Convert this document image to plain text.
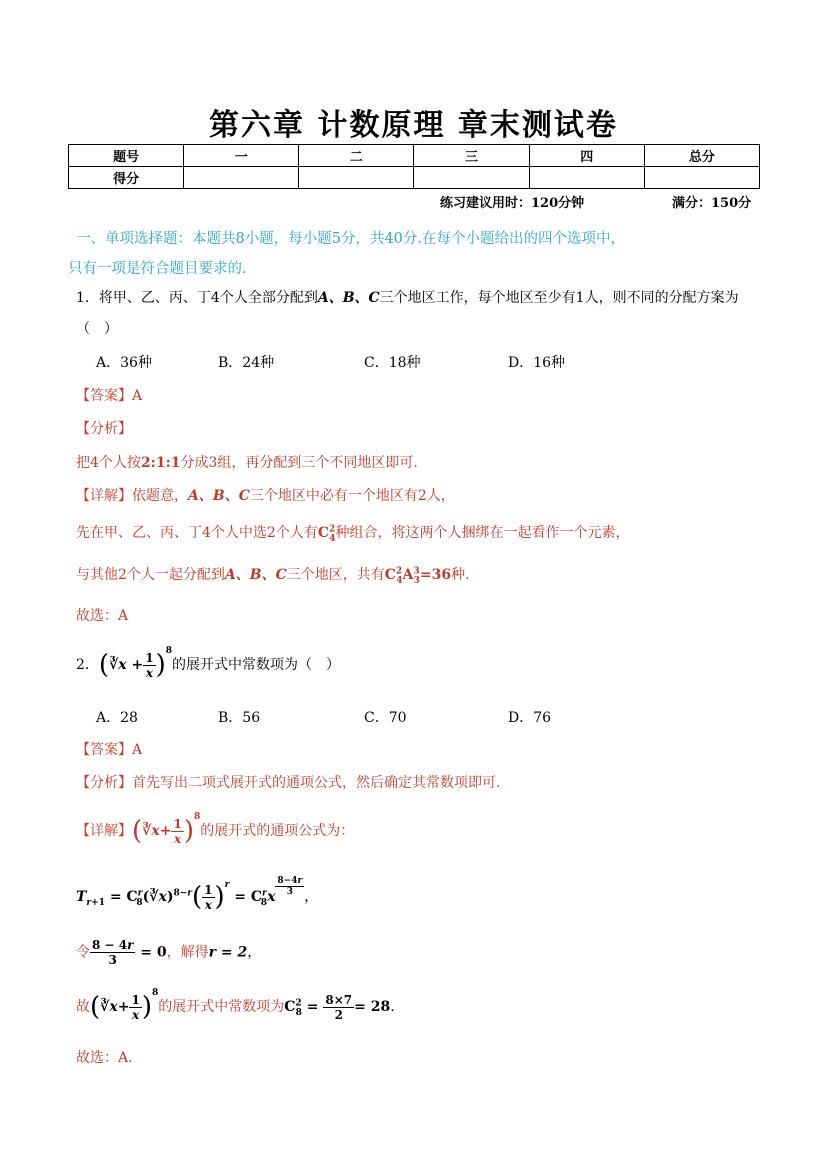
第六章 计数原理 章末测试卷
题号	一	二	三	四	总分
得分					
练习建议用时：120分钟	满分：150分
一、单项选择题：本题共8小题，每小题5分，共40分.在每个小题给出的四个选项中，
只有一项是符合题目要求的.
1．将甲、乙、丙、丁4个人全部分配到A、B、C三个地区工作，每个地区至少有1人，则不同的分配方案为
（　）
A．36种	B．24种	C．18种	D．16种
【答案】A
【分析】
把4个人按2:1:1分成3组，再分配到三个不同地区即可.
【详解】依题意，A、B、C三个地区中必有一个地区有2人，
先在甲、乙、丙、丁4个人中选2个人有$C^2_4$种组合，将这两个人捆绑在一起看作一个元素，
与其他2个人一起分配到A、B、C三个地区，共有$C^2_4A^3_3=36$种.
故选：A
2．(∛x + $\frac{1}{x} )^8$的展开式中常数项为（　）
A．28	B．56	C．70	D．76
【答案】A
【分析】首先写出二项式展开式的通项公式，然后确定其常数项即可.
【详解】(∛x+ $\frac{1}{x} )^8$的展开式的通项公式为：
$T_{r+1}$ = $C^r_8(∛x)^{8-r}( \frac{1}{x} )^r = C^r_8x$ $^{\frac{8-4r}{3}}$ ，
令 $\frac{8 - 4r}{3} = 0$，解得r = 2，
故(∛x+ $\frac{1}{x} )^8$的展开式中常数项为$C^2_8 = \frac{8\times 7}{2} = 28$.
故选：A.
